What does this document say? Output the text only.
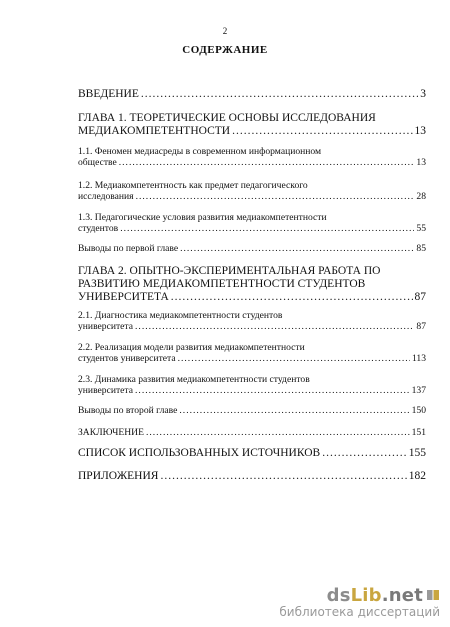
2
СОДЕРЖАНИЕ
ВВЕДЕНИЕ .....	3
ГЛАВА 1. ТЕОРЕТИЧЕСКИЕ ОСНОВЫ ИССЛЕДОВАНИЯ
МЕДИАКОМПЕТЕНТНОСТИ .....	13
1.1. Феномен медиасреды в современном информационном
обществе .....	13
1.2. Медиакомпетентность как предмет педагогического
исследования .....	28
1.3. Педагогические условия развития медиакомпетентности
студентов .....	55
Выводы по первой главе .....	85
ГЛАВА 2. ОПЫТНО-ЭКСПЕРИМЕНТАЛЬНАЯ РАБОТА ПО
РАЗВИТИЮ МЕДИАКОМПЕТЕНТНОСТИ СТУДЕНТОВ
УНИВЕРСИТЕТА .....	87
2.1. Диагностика медиакомпетентности студентов
университета .....	87
2.2. Реализация модели развития медиакомпетентности
студентов университета .....	113
2.3. Динамика развития медиакомпетентности студентов
университета .....	137
Выводы по второй главе .....	150
ЗАКЛЮЧЕНИЕ .....	151
СПИСОК ИСПОЛЬЗОВАННЫХ ИСТОЧНИКОВ .....	155
ПРИЛОЖЕНИЯ .....	182
dsLib.net
библиотека диссертаций
